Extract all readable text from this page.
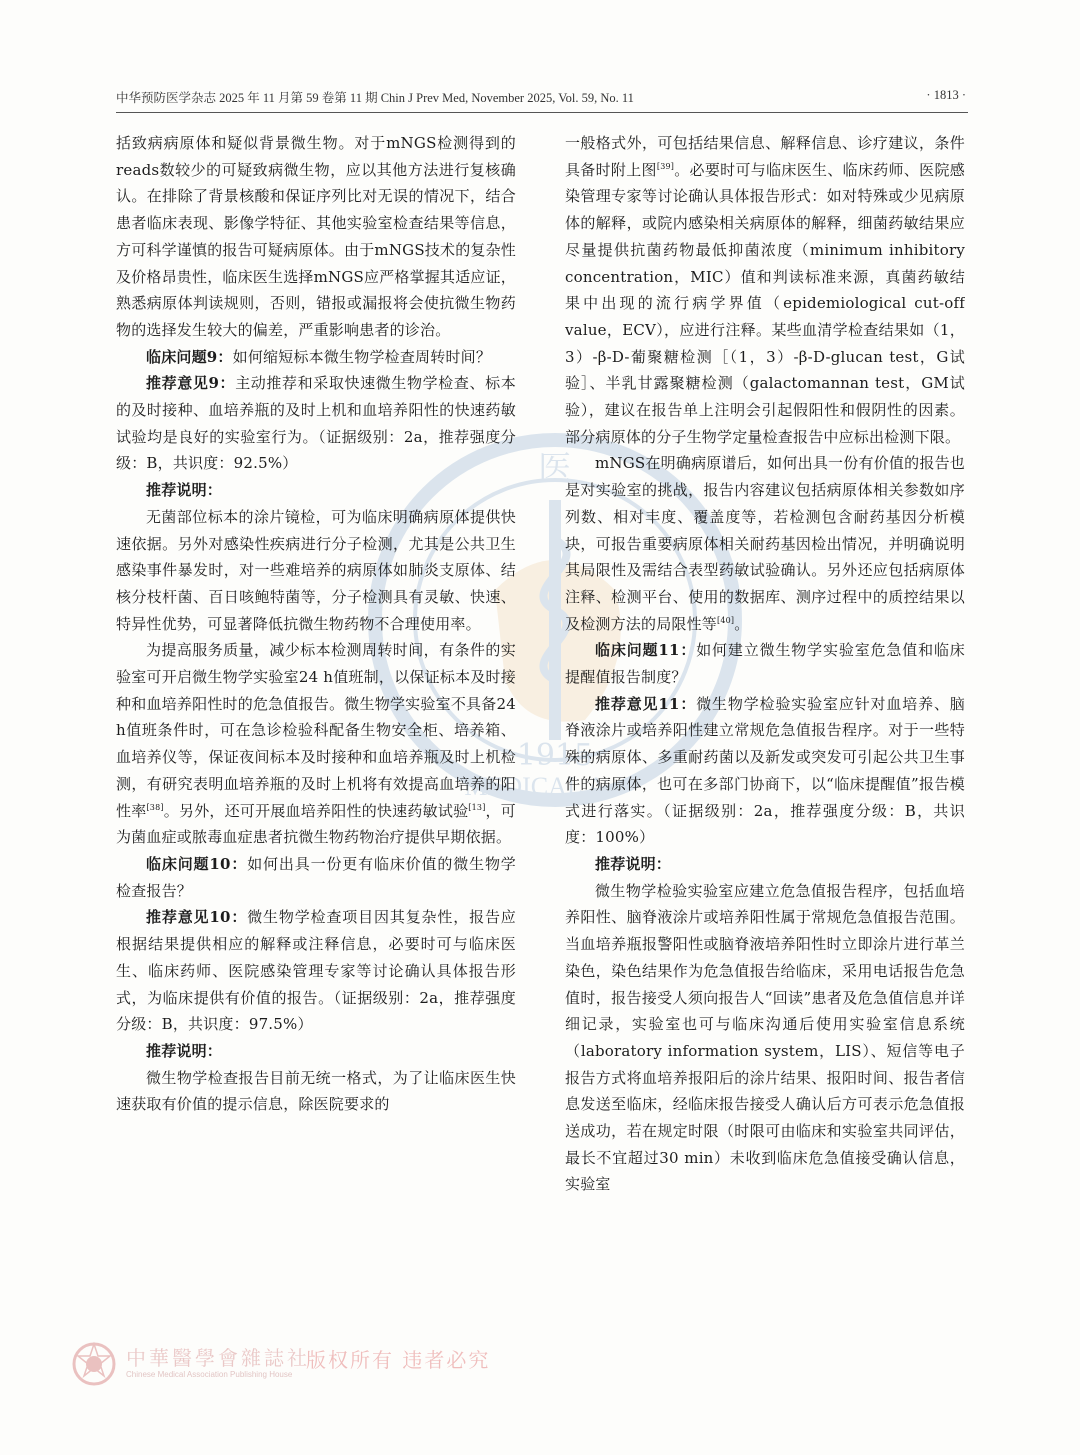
中华预防医学杂志 2025 年 11 月第 59 卷第 11 期 Chin J Prev Med, November 2025, Vol. 59, No. 11	· 1813 ·
医
1915
MEDICAL A

括致病病原体和疑似背景微生物。对于mNGS检测得到的reads数较少的可疑致病微生物，应以其他方法进行复核确认。在排除了背景核酸和保证序列比对无误的情况下，结合患者临床表现、影像学特征、其他实验室检查结果等信息，方可科学谨慎的报告可疑病原体。由于mNGS技术的复杂性及价格昂贵性，临床医生选择mNGS应严格掌握其适应证，熟悉病原体判读规则，否则，错报或漏报将会使抗微生物药物的选择发生较大的偏差，严重影响患者的诊治。

临床问题9：如何缩短标本微生物学检查周转时间？

推荐意见9：主动推荐和采取快速微生物学检查、标本的及时接种、血培养瓶的及时上机和血培养阳性的快速药敏试验均是良好的实验室行为。（证据级别：2a，推荐强度分级：B，共识度：92.5%）

推荐说明：

无菌部位标本的涂片镜检，可为临床明确病原体提供快速依据。另外对感染性疾病进行分子检测，尤其是公共卫生感染事件暴发时，对一些难培养的病原体如肺炎支原体、结核分枝杆菌、百日咳鲍特菌等，分子检测具有灵敏、快速、特异性优势，可显著降低抗微生物药物不合理使用率。

为提高服务质量，减少标本检测周转时间，有条件的实验室可开启微生物学实验室24 h值班制，以保证标本及时接种和血培养阳性时的危急值报告。微生物学实验室不具备24 h值班条件时，可在急诊检验科配备生物安全柜、培养箱、血培养仪等，保证夜间标本及时接种和血培养瓶及时上机检测，有研究表明血培养瓶的及时上机将有效提高血培养的阳性率[38]。另外，还可开展血培养阳性的快速药敏试验[13]，可为菌血症或脓毒血症患者抗微生物药物治疗提供早期依据。

临床问题10：如何出具一份更有临床价值的微生物学检查报告？

推荐意见10：微生物学检查项目因其复杂性，报告应根据结果提供相应的解释或注释信息，必要时可与临床医生、临床药师、医院感染管理专家等讨论确认具体报告形式，为临床提供有价值的报告。（证据级别：2a，推荐强度分级：B，共识度：97.5%）

推荐说明：

微生物学检查报告目前无统一格式，为了让临床医生快速获取有价值的提示信息，除医院要求的

一般格式外，可包括结果信息、解释信息、诊疗建议，条件具备时附上图[39]。必要时可与临床医生、临床药师、医院感染管理专家等讨论确认具体报告形式：如对特殊或少见病原体的解释，或院内感染相关病原体的解释，细菌药敏结果应尽量提供抗菌药物最低抑菌浓度（minimum inhibitory concentration，MIC）值和判读标准来源，真菌药敏结果中出现的流行病学界值（epidemiological cut-off value，ECV），应进行注释。某些血清学检查结果如（1，3）-β-D-葡聚糖检测［（1，3）-β-D-glucan test，G试验］、半乳甘露聚糖检测（galactomannan test，GM试验），建议在报告单上注明会引起假阳性和假阴性的因素。部分病原体的分子生物学定量检查报告中应标出检测下限。

mNGS在明确病原谱后，如何出具一份有价值的报告也是对实验室的挑战，报告内容建议包括病原体相关参数如序列数、相对丰度、覆盖度等，若检测包含耐药基因分析模块，可报告重要病原体相关耐药基因检出情况，并明确说明其局限性及需结合表型药敏试验确认。另外还应包括病原体注释、检测平台、使用的数据库、测序过程中的质控结果以及检测方法的局限性等[40]。

临床问题11：如何建立微生物学实验室危急值和临床提醒值报告制度？

推荐意见11：微生物学检验实验室应针对血培养、脑脊液涂片或培养阳性建立常规危急值报告程序。对于一些特殊的病原体、多重耐药菌以及新发或突发可引起公共卫生事件的病原体，也可在多部门协商下，以“临床提醒值”报告模式进行落实。（证据级别：2a，推荐强度分级：B，共识度：100%）

推荐说明：

微生物学检验实验室应建立危急值报告程序，包括血培养阳性、脑脊液涂片或培养阳性属于常规危急值报告范围。当血培养瓶报警阳性或脑脊液培养阳性时立即涂片进行革兰染色，染色结果作为危急值报告给临床，采用电话报告危急值时，报告接受人须向报告人“回读”患者及危急值信息并详细记录，实验室也可与临床沟通后使用实验室信息系统（laboratory information system，LIS）、短信等电子报告方式将血培养报阳后的涂片结果、报阳时间、报告者信息发送至临床，经临床报告接受人确认后方可表示危急值报送成功，若在规定时限（时限可由临床和实验室共同评估，最长不宜超过30 min）未收到临床危急值接受确认信息，实验室

中華醫學會雜誌社
Chinese Medical Association Publishing House
版权所有 违者必究
